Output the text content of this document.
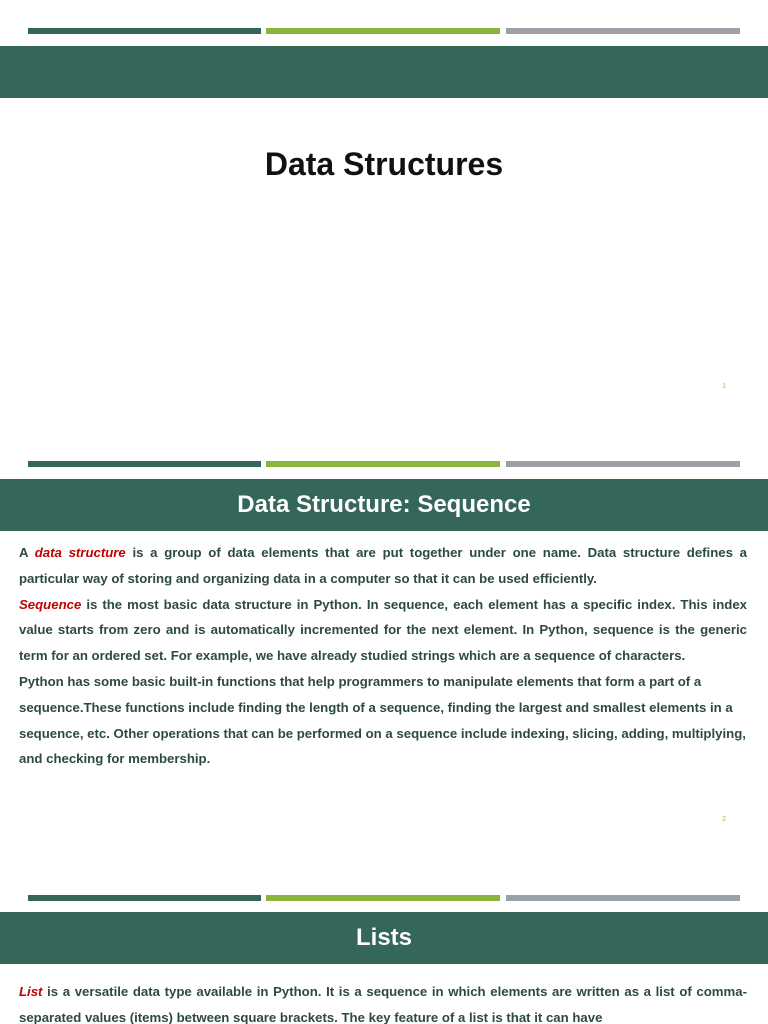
Data Structures
1
Data Structure: Sequence

A data structure is a group of data elements that are put together under one name. Data structure defines a particular way of storing and organizing data in a computer so that it can be used efficiently.

Sequence is the most basic data structure in Python. In sequence, each element has a specific index. This index value starts from zero and is automatically incremented for the next element. In Python, sequence is the generic term for an ordered set. For example, we have already studied strings which are a sequence of characters.

Python has some basic built-in functions that help programmers to manipulate elements that form a part of a sequence.These functions include finding the length of a sequence, finding the largest and smallest elements in a sequence, etc. Other operations that can be performed on a sequence include indexing, slicing, adding, multiplying, and checking for membership.

2
Lists

List is a versatile data type available in Python. It is a sequence in which elements are written as a list of comma-separated values (items) between square brackets. The key feature of a list is that it can have
